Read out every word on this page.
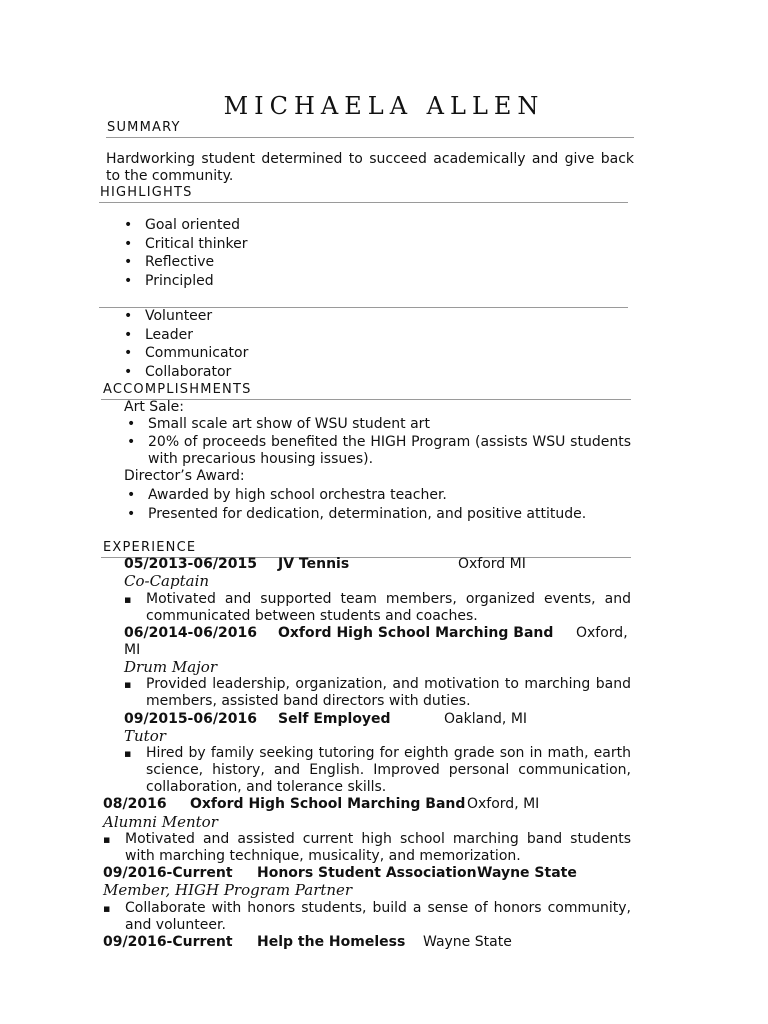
MICHAELA ALLEN
SUMMARY
Hardworking student determined to succeed academically and give back to the community.
HIGHLIGHTS
• Goal oriented
• Critical thinker
• Reflective
• Principled
• Volunteer
• Leader
• Communicator
• Collaborator
ACCOMPLISHMENTS
Art Sale:
• Small scale art show of WSU student art
• 20% of proceeds benefited the HIGH Program (assists WSU students with precarious housing issues).
Director’s Award:
• Awarded by high school orchestra teacher.
• Presented for dedication, determination, and positive attitude.
EXPERIENCE
05/2013-06/2015 JV Tennis	Oxford MI
Co-Captain
▪ Motivated and supported team members, organized events, and communicated between students and coaches.
06/2014-06/2016 Oxford High School Marching Band Oxford,
MI
Drum Major
▪ Provided leadership, organization, and motivation to marching band members, assisted band directors with duties.
09/2015-06/2016 Self Employed	Oakland, MI
Tutor
▪ Hired by family seeking tutoring for eighth grade son in math, earth science, history, and English. Improved personal communication, collaboration, and tolerance skills.
08/2016 Oxford High School Marching Band Oxford, MI
Alumni Mentor
▪ Motivated and assisted current high school marching band students with marching technique, musicality, and memorization.
09/2016-Current Honors Student Association Wayne State
Member, HIGH Program Partner
▪ Collaborate with honors students, build a sense of honors community, and volunteer.
09/2016-Current Help the Homeless Wayne State
